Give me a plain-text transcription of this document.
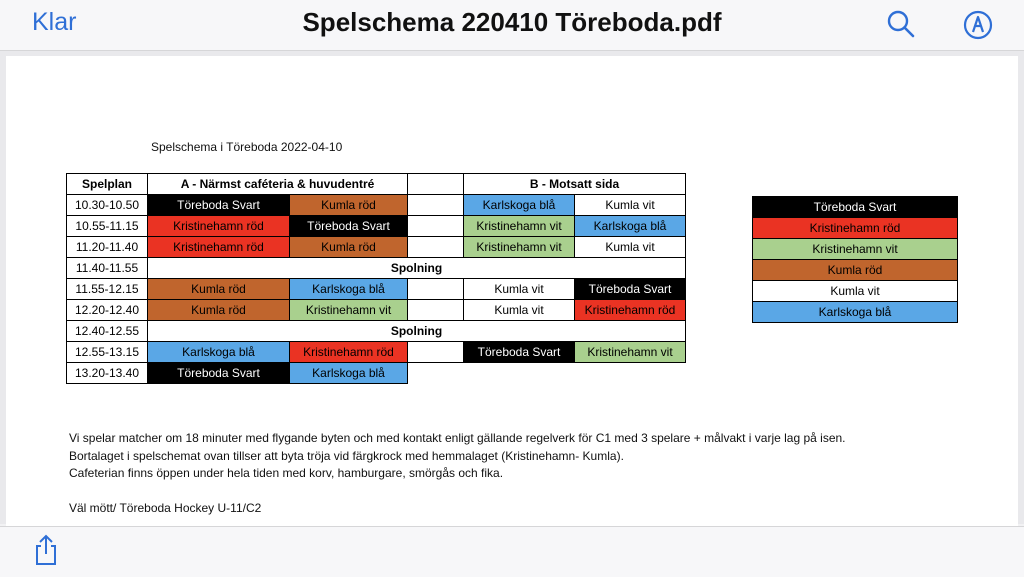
Klar	Spelschema 220410 Töreboda.pdf
Spelschema i Töreboda 2022-04-10
Spelplan	A - Närmst caféteria & huvudentré			B - Motsatt sida		
10.30-10.50	Töreboda Svart	Kumla röd		Karlskoga blå	Kumla vit	
10.55-11.15	Kristinehamn röd	Töreboda Svart		Kristinehamn vit	Karlskoga blå	
11.20-11.40	Kristinehamn röd	Kumla röd		Kristinehamn vit	Kumla vit	
11.40-11.55	Spolning					
11.55-12.15	Kumla röd	Karlskoga blå		Kumla vit	Töreboda Svart	
12.20-12.40	Kumla röd	Kristinehamn vit		Kumla vit	Kristinehamn röd	
12.40-12.55	Spolning					
12.55-13.15	Karlskoga blå	Kristinehamn röd		Töreboda Svart	Kristinehamn vit	
13.20-13.40	Töreboda Svart	Karlskoga blå				
Töreboda Svart
Kristinehamn röd
Kristinehamn vit
Kumla röd
Kumla vit
Karlskoga blå
Vi spelar matcher om 18 minuter med flygande byten och med kontakt enligt gällande regelverk för C1 med 3 spelare + målvakt i varje lag på isen.
Bortalaget i spelschemat ovan tillser att byta tröja vid färgkrock med hemmalaget (Kristinehamn- Kumla).
Cafeterian finns öppen under hela tiden med korv, hamburgare, smörgås och fika.
Väl mött/ Töreboda Hockey U-11/C2
